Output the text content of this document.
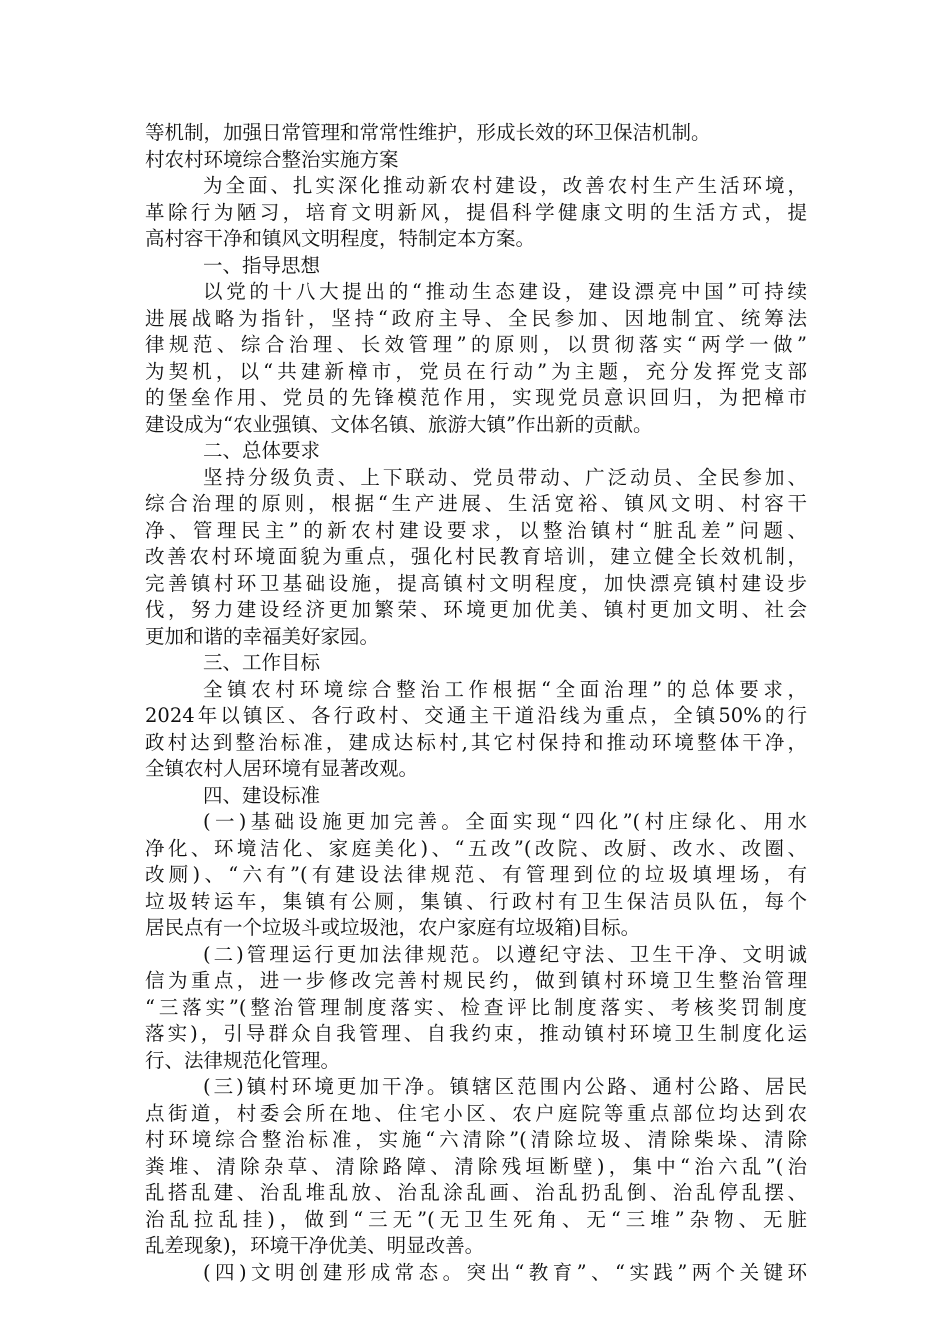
等机制，加强日常管理和常常性维护，形成长效的环卫保洁机制。
村农村环境综合整治实施方案
为全面、扎实深化推动新农村建设，改善农村生产生活环境，
革除行为陋习，培育文明新风，提倡科学健康文明的生活方式，提
高村容干净和镇风文明程度，特制定本方案。
一、指导思想
以党的十八大提出的“推动生态建设，建设漂亮中国”可持续
进展战略为指针，坚持“政府主导、全民参加、因地制宜、统筹法
律规范、综合治理、长效管理”的原则，以贯彻落实“两学一做”
为契机，以“共建新樟市，党员在行动”为主题，充分发挥党支部
的堡垒作用、党员的先锋模范作用，实现党员意识回归，为把樟市
建设成为“农业强镇、文体名镇、旅游大镇”作出新的贡献。
二、总体要求
坚持分级负责、上下联动、党员带动、广泛动员、全民参加、
综合治理的原则，根据“生产进展、生活宽裕、镇风文明、村容干
净、管理民主”的新农村建设要求，以整治镇村“脏乱差”问题、
改善农村环境面貌为重点，强化村民教育培训，建立健全长效机制，
完善镇村环卫基础设施，提高镇村文明程度，加快漂亮镇村建设步
伐，努力建设经济更加繁荣、环境更加优美、镇村更加文明、社会
更加和谐的幸福美好家园。
三、工作目标
全镇农村环境综合整治工作根据“全面治理”的总体要求，
2024年以镇区、各行政村、交通主干道沿线为重点，全镇50%的行
政村达到整治标准，建成达标村,其它村保持和推动环境整体干净，
全镇农村人居环境有显著改观。
四、建设标准
(一)基础设施更加完善。全面实现“四化”(村庄绿化、用水
净化、环境洁化、家庭美化)、“五改”(改院、改厨、改水、改圈、
改厕)、“六有”(有建设法律规范、有管理到位的垃圾填埋场，有
垃圾转运车，集镇有公厕，集镇、行政村有卫生保洁员队伍，每个
居民点有一个垃圾斗或垃圾池，农户家庭有垃圾箱)目标。
(二)管理运行更加法律规范。以遵纪守法、卫生干净、文明诚
信为重点，进一步修改完善村规民约，做到镇村环境卫生整治管理
“三落实”(整治管理制度落实、检查评比制度落实、考核奖罚制度
落实)，引导群众自我管理、自我约束，推动镇村环境卫生制度化运
行、法律规范化管理。
(三)镇村环境更加干净。镇辖区范围内公路、通村公路、居民
点街道，村委会所在地、住宅小区、农户庭院等重点部位均达到农
村环境综合整治标准，实施“六清除”(清除垃圾、清除柴垛、清除
粪堆、清除杂草、清除路障、清除残垣断壁)，集中“治六乱”(治
乱搭乱建、治乱堆乱放、治乱涂乱画、治乱扔乱倒、治乱停乱摆、
治乱拉乱挂)，做到“三无”(无卫生死角、无“三堆”杂物、无脏
乱差现象)，环境干净优美、明显改善。
(四)文明创建形成常态。突出“教育”、“实践”两个关键环
